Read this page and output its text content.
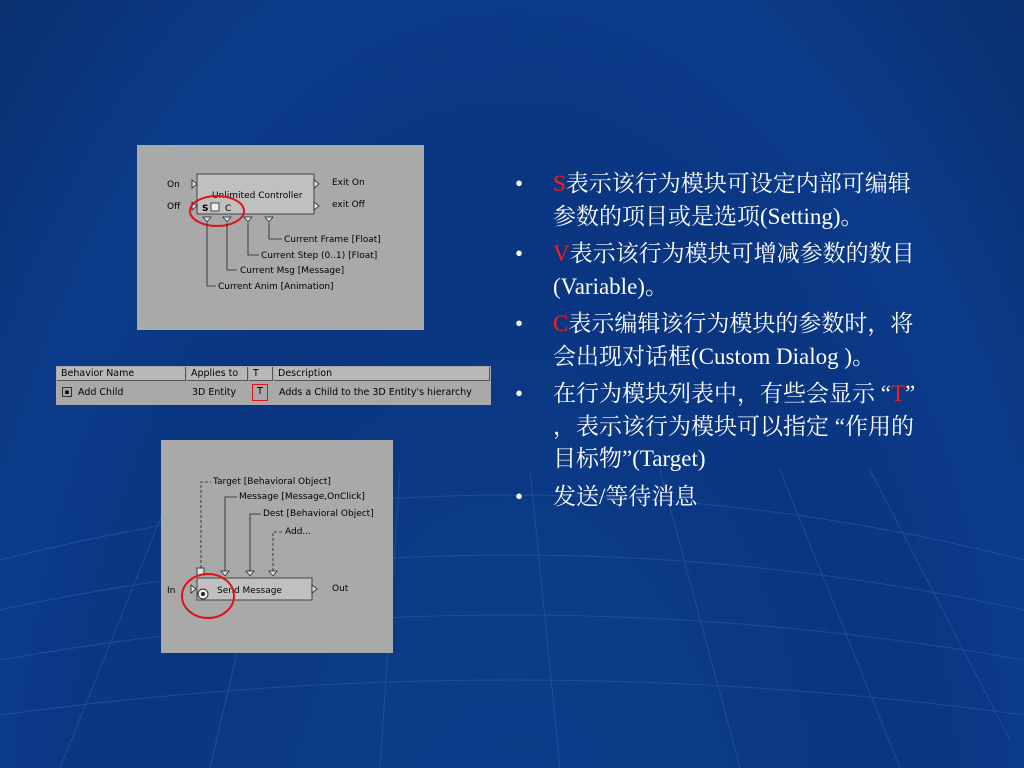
Unlimited Controller
On
Off
Exit On
exit Off
S C
Current Frame [Float]
Current Step (0..1) [Float]
Current Msg [Message]
Current Anim [Animation]
Behavior Name	Applies to	T	Description
▪ Add Child	3D Entity	T	Adds a Child to the 3D Entity's hierarchy
Send Message
In	Out
Target [Behavioral Object]
Message [Message,OnClick]
Dest [Behavioral Object]
Add...
• S表示该行为模块可设定内部可编辑参数的项目或是选项(Setting)。
• V表示该行为模块可增减参数的数目(Variable)。
• C表示编辑该行为模块的参数时，将会出现对话框(Custom Dialog )。
• 在行为模块列表中，有些会显示 “T” ，表示该行为模块可以指定 “作用的目标物”(Target)
• 发送/等待消息
